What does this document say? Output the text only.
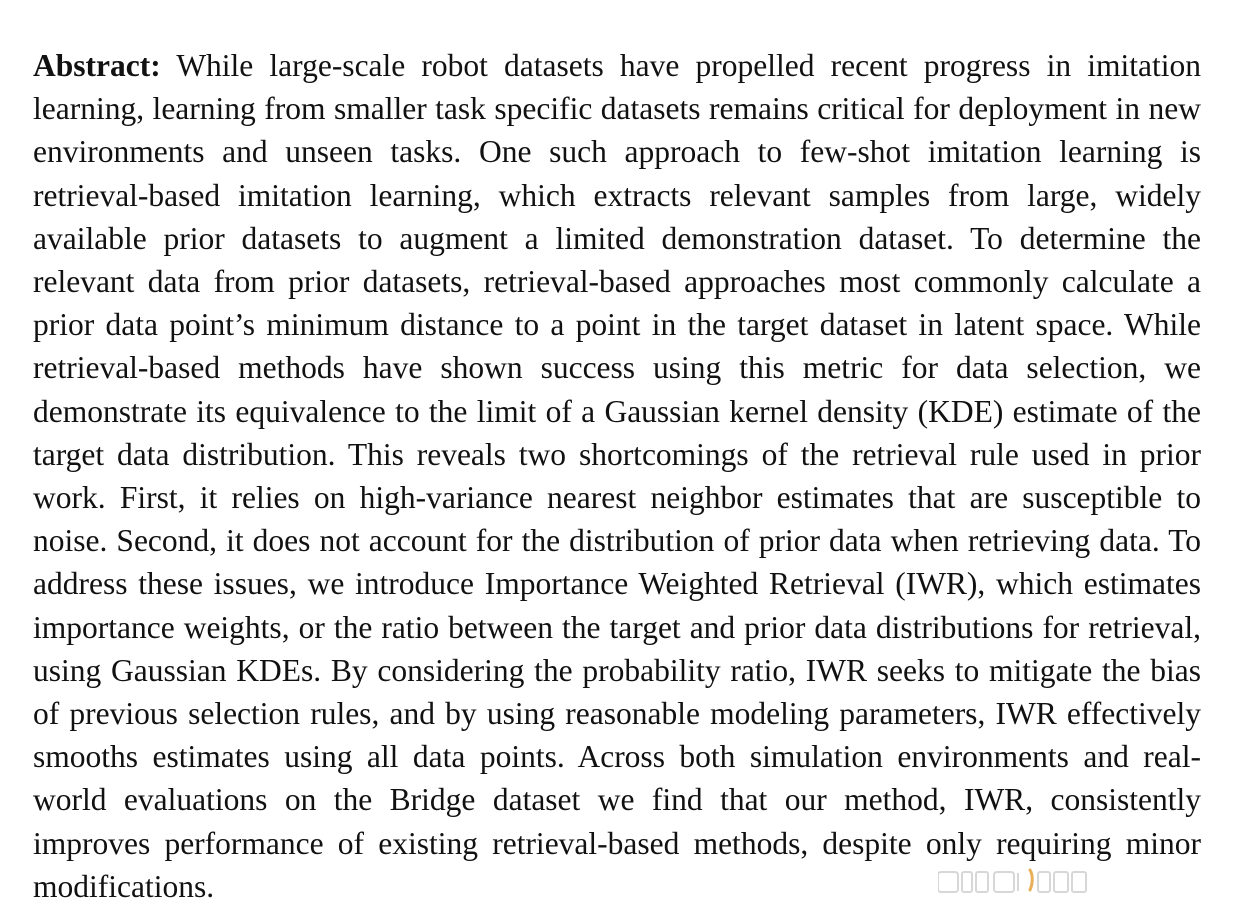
Abstract: While large-scale robot datasets have propelled recent progress in imitation learning, learning from smaller task specific datasets remains critical for deployment in new environments and unseen tasks. One such approach to few-shot imitation learning is retrieval-based imitation learning, which extracts relevant samples from large, widely available prior datasets to augment a limited demonstration dataset. To determine the relevant data from prior datasets, retrieval-based approaches most commonly calculate a prior data point’s minimum distance to a point in the target dataset in latent space. While retrieval-based methods have shown success using this metric for data selection, we demonstrate its equivalence to the limit of a Gaussian kernel density (KDE) estimate of the target data distribution. This reveals two shortcomings of the retrieval rule used in prior work. First, it relies on high-variance nearest neighbor estimates that are susceptible to noise. Second, it does not account for the distribution of prior data when retrieving data. To address these issues, we introduce Importance Weighted Retrieval (IWR), which estimates importance weights, or the ratio between the target and prior data distributions for retrieval, using Gaussian KDEs. By considering the probability ratio, IWR seeks to mitigate the bias of previous selection rules, and by using reasonable modeling parameters, IWR effectively smooths estimates using all data points. Across both simulation environments and real-world evaluations on the Bridge dataset we find that our method, IWR, consistently improves performance of existing retrieval-based methods, despite only requiring minor modifications.
